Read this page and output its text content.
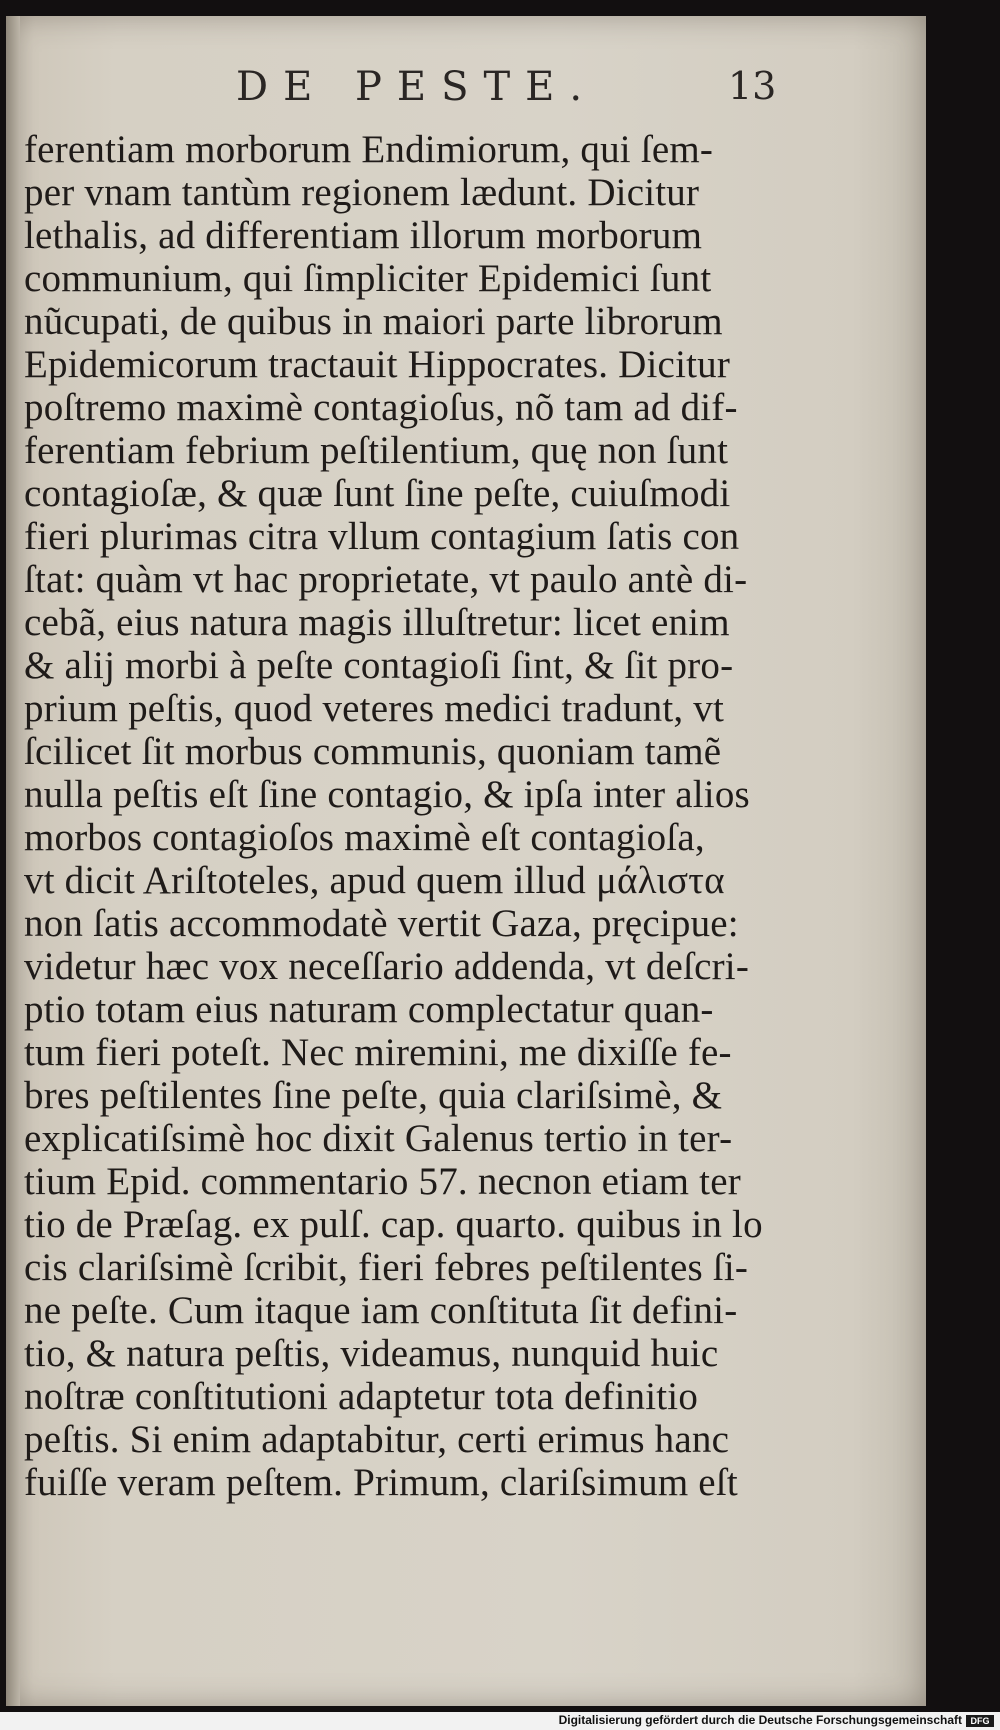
DE PESTE.	13
ferentiam morborum Endimiorum, qui ſem-
per vnam tantùm regionem lædunt. Dicitur
lethalis, ad differentiam illorum morborum
communium, qui ſimpliciter Epidemici ſunt
nũcupati, de quibus in maiori parte librorum
Epidemicorum tractauit Hippocrates. Dicitur
poſtremo maximè contagioſus, nõ tam ad dif-
ferentiam febrium peſtilentium, quę non ſunt
contagioſæ, & quæ ſunt ſine peſte, cuiuſmodi
fieri plurimas citra vllum contagium ſatis con
ſtat: quàm vt hac proprietate, vt paulo antè di-
cebã, eius natura magis illuſtretur: licet enim
& alij morbi à peſte contagioſi ſint, & ſit pro-
prium peſtis, quod veteres medici tradunt, vt
ſcilicet ſit morbus communis, quoniam tamẽ
nulla peſtis eſt ſine contagio, & ipſa inter alios
morbos contagioſos maximè eſt contagioſa,
vt dicit Ariſtoteles, apud quem illud μάλιστα
non ſatis accommodatè vertit Gaza, pręcipue:
videtur hæc vox neceſſario addenda, vt deſcri-
ptio totam eius naturam complectatur quan-
tum fieri poteſt. Nec miremini, me dixiſſe fe-
bres peſtilentes ſine peſte, quia clariſsimè, &
explicatiſsimè hoc dixit Galenus tertio in ter-
tium Epid. commentario 57. necnon etiam ter
tio de Præſag. ex pulſ. cap. quarto. quibus in lo
cis clariſsimè ſcribit, fieri febres peſtilentes ſi-
ne peſte. Cum itaque iam conſtituta ſit defini-
tio, & natura peſtis, videamus, nunquid huic
noſtræ conſtitutioni adaptetur tota definitio
peſtis. Si enim adaptabitur, certi erimus hanc
fuiſſe veram peſtem. Primum, clariſsimum eſt
Digitalisierung gefördert durch die Deutsche Forschungsgemeinschaft DFG
